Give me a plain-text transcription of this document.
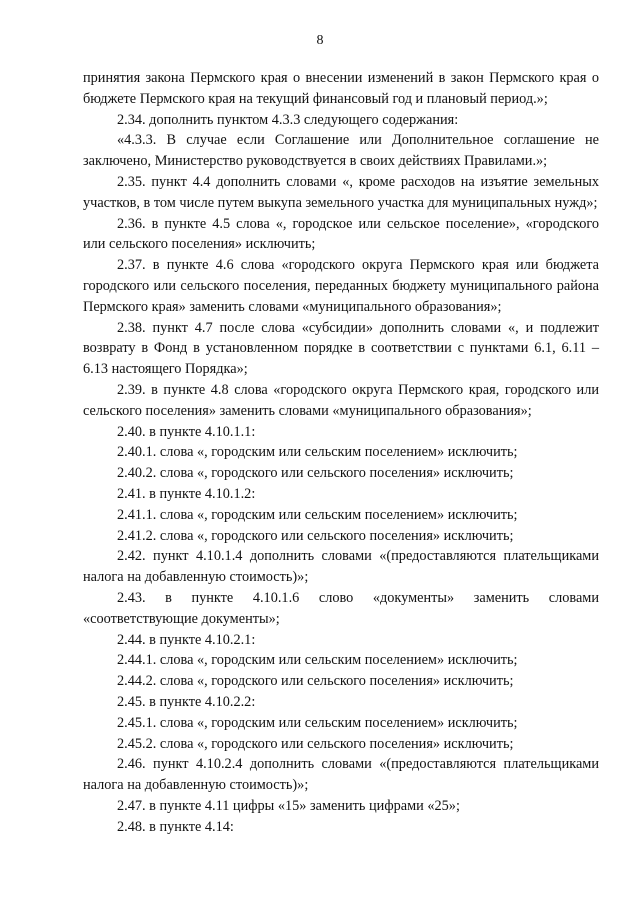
8

принятия закона Пермского края о внесении изменений в закон Пермского края о бюджете Пермского края на текущий финансовый год и плановый период.»;

2.34. дополнить пунктом 4.3.3 следующего содержания:

«4.3.3. В случае если Соглашение или Дополнительное соглашение не заключено, Министерство руководствуется в своих действиях Правилами.»;

2.35. пункт 4.4 дополнить словами «, кроме расходов на изъятие земельных участков, в том числе путем выкупа земельного участка для муниципальных нужд»;

2.36. в пункте 4.5 слова «, городское или сельское поселение», «городского или сельского поселения» исключить;

2.37. в пункте 4.6 слова «городского округа Пермского края или бюджета городского или сельского поселения, переданных бюджету муниципального района Пермского края» заменить словами «муниципального образования»;

2.38. пункт 4.7 после слова «субсидии» дополнить словами «, и подлежит возврату в Фонд в установленном порядке в соответствии с пунктами 6.1, 6.11 – 6.13 настоящего Порядка»;

2.39. в пункте 4.8 слова «городского округа Пермского края, городского или сельского поселения» заменить словами «муниципального образования»;

2.40. в пункте 4.10.1.1:

2.40.1. слова «, городским или сельским поселением» исключить;

2.40.2. слова «, городского или сельского поселения» исключить;

2.41. в пункте 4.10.1.2:

2.41.1. слова «, городским или сельским поселением» исключить;

2.41.2. слова «, городского или сельского поселения» исключить;

2.42. пункт 4.10.1.4 дополнить словами «(предоставляются плательщиками налога на добавленную стоимость)»;

2.43. в пункте 4.10.1.6 слово «документы» заменить словами «соответствующие документы»;

2.44. в пункте 4.10.2.1:

2.44.1. слова «, городским или сельским поселением» исключить;

2.44.2. слова «, городского или сельского поселения» исключить;

2.45. в пункте 4.10.2.2:

2.45.1. слова «, городским или сельским поселением» исключить;

2.45.2. слова «, городского или сельского поселения» исключить;

2.46. пункт 4.10.2.4 дополнить словами «(предоставляются плательщиками налога на добавленную стоимость)»;

2.47. в пункте 4.11 цифры «15» заменить цифрами «25»;

2.48. в пункте 4.14:
